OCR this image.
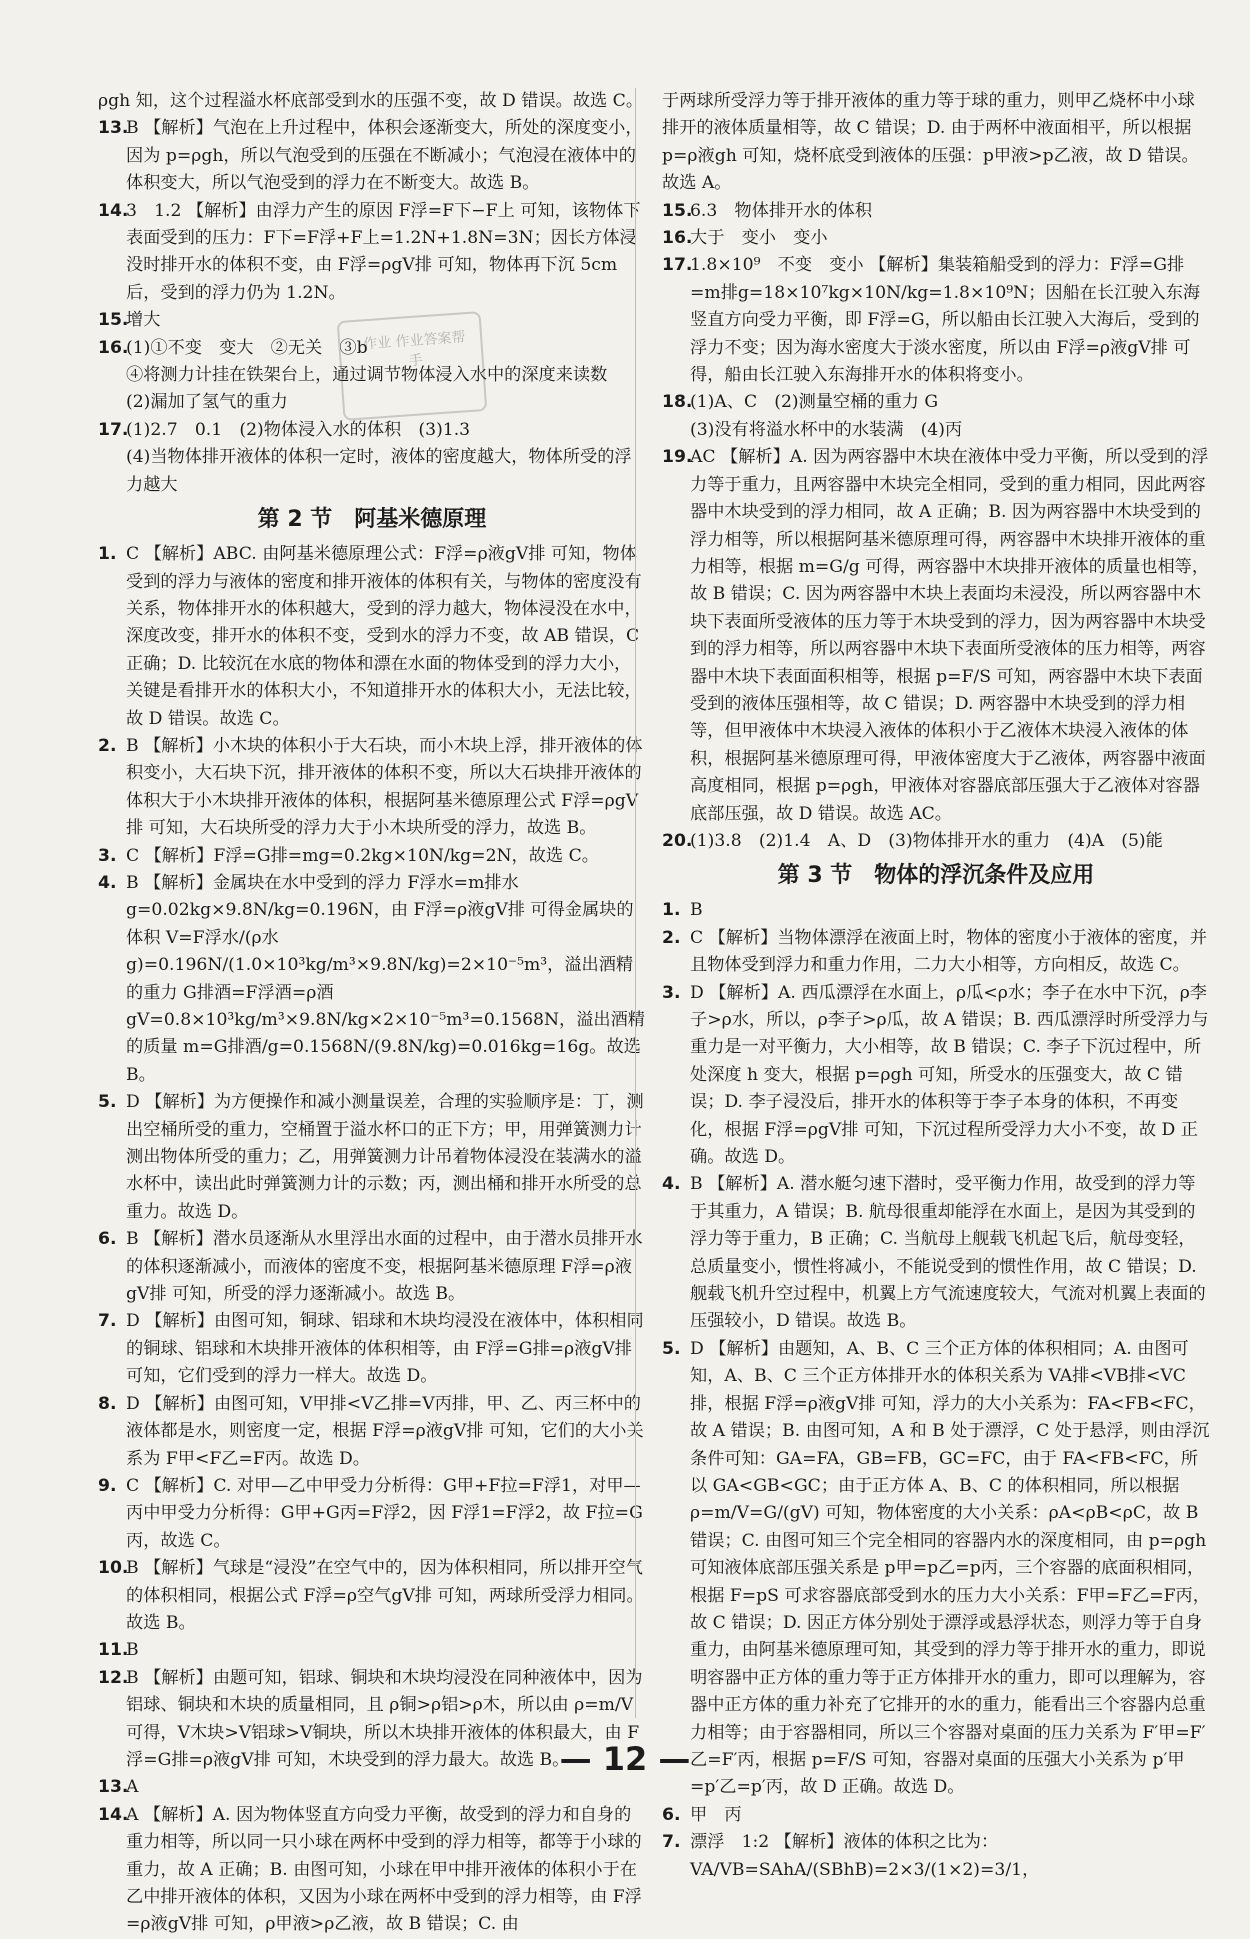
ρgh 知，这个过程溢水杯底部受到水的压强不变，故 D 错误。故选 C。

13.
B 【解析】气泡在上升过程中，体积会逐渐变大，所处的深度变小，因为 p=ρgh，所以气泡受到的压强在不断减小；气泡浸在液体中的体积变大，所以气泡受到的浮力在不断变大。故选 B。
14.
3　1.2 【解析】由浮力产生的原因 F浮=F下−F上 可知，该物体下表面受到的压力：F下=F浮+F上=1.2N+1.8N=3N；因长方体浸没时排开水的体积不变，由 F浮=ρgV排 可知，物体再下沉 5cm 后，受到的浮力仍为 1.2N。
15.
增大
16.
(1)①不变　变大　②无关　③b
④将测力计挂在铁架台上，通过调节物体浸入水中的深度来读数
(2)漏加了氢气的重力
17.
(1)2.7　0.1　(2)物体浸入水的体积　(3)1.3
(4)当物体排开液体的体积一定时，液体的密度越大，物体所受的浮力越大
第 2 节　阿基米德原理
1. C 【解析】ABC. 由阿基米德原理公式：F浮=ρ液gV排 可知，物体受到的浮力与液体的密度和排开液体的体积有关，与物体的密度没有关系，物体排开水的体积越大，受到的浮力越大，物体浸没在水中，深度改变，排开水的体积不变，受到水的浮力不变，故 AB 错误，C 正确；D. 比较沉在水底的物体和漂在水面的物体受到的浮力大小，关键是看排开水的体积大小，不知道排开水的体积大小，无法比较，故 D 错误。故选 C。
2. B 【解析】小木块的体积小于大石块，而小木块上浮，排开液体的体积变小，大石块下沉，排开液体的体积不变，所以大石块排开液体的体积大于小木块排开液体的体积，根据阿基米德原理公式 F浮=ρgV排 可知，大石块所受的浮力大于小木块所受的浮力，故选 B。
3. C 【解析】F浮=G排=mg=0.2kg×10N/kg=2N，故选 C。
4. B 【解析】金属块在水中受到的浮力 F浮水=m排水g=0.02kg×9.8N/kg=0.196N，由 F浮=ρ液gV排 可得金属块的体积 V=F浮水/(ρ水g)=0.196N/(1.0×10³kg/m³×9.8N/kg)=2×10⁻⁵m³，溢出酒精的重力 G排酒=F浮酒=ρ酒gV=0.8×10³kg/m³×9.8N/kg×2×10⁻⁵m³=0.1568N，溢出酒精的质量 m=G排酒/g=0.1568N/(9.8N/kg)=0.016kg=16g。故选 B。
5. D 【解析】为方便操作和减小测量误差，合理的实验顺序是：丁，测出空桶所受的重力，空桶置于溢水杯口的正下方；甲，用弹簧测力计测出物体所受的重力；乙，用弹簧测力计吊着物体浸没在装满水的溢水杯中，读出此时弹簧测力计的示数；丙，测出桶和排开水所受的总重力。故选 D。
6. B 【解析】潜水员逐渐从水里浮出水面的过程中，由于潜水员排开水的体积逐渐减小，而液体的密度不变，根据阿基米德原理 F浮=ρ液gV排 可知，所受的浮力逐渐减小。故选 B。
7. D 【解析】由图可知，铜球、铝球和木块均浸没在液体中，体积相同的铜球、铝球和木块排开液体的体积相等，由 F浮=G排=ρ液gV排 可知，它们受到的浮力一样大。故选 D。
8. D 【解析】由图可知，V甲排<V乙排=V丙排，甲、乙、丙三杯中的液体都是水，则密度一定，根据 F浮=ρ液gV排 可知，它们的大小关系为 F甲<F乙=F丙。故选 D。
9. C 【解析】C. 对甲—乙中甲受力分析得：G甲+F拉=F浮1，对甲—丙中甲受力分析得：G甲+G丙=F浮2，因 F浮1=F浮2，故 F拉=G丙，故选 C。
10.
B 【解析】气球是“浸没”在空气中的，因为体积相同，所以排开空气的体积相同，根据公式 F浮=ρ空气gV排 可知，两球所受浮力相同。故选 B。
11.
B
12.
B 【解析】由题可知，铝球、铜块和木块均浸没在同种液体中，因为铝球、铜块和木块的质量相同，且 ρ铜>ρ铝>ρ木，所以由 ρ=m/V 可得，V木块>V铝球>V铜块，所以木块排开液体的体积最大，由 F浮=G排=ρ液gV排 可知，木块受到的浮力最大。故选 B。
13.
A
14.
A 【解析】A. 因为物体竖直方向受力平衡，故受到的浮力和自身的重力相等，所以同一只小球在两杯中受到的浮力相等，都等于小球的重力，故 A 正确；B. 由图可知，小球在甲中排开液体的体积小于在乙中排开液体的体积，又因为小球在两杯中受到的浮力相等，由 F浮=ρ液gV排 可知，ρ甲液>ρ乙液，故 B 错误；C. 由

于两球所受浮力等于排开液体的重力等于球的重力，则甲乙烧杯中小球排开的液体质量相等，故 C 错误；D. 由于两杯中液面相平，所以根据 p=ρ液gh 可知，烧杯底受到液体的压强：p甲液>p乙液，故 D 错误。故选 A。

15.
6.3　物体排开水的体积
16.
大于　变小　变小
17.
1.8×10⁹　不变　变小 【解析】集装箱船受到的浮力：F浮=G排=m排g=18×10⁷kg×10N/kg=1.8×10⁹N；因船在长江驶入东海竖直方向受力平衡，即 F浮=G，所以船由长江驶入大海后，受到的浮力不变；因为海水密度大于淡水密度，所以由 F浮=ρ液gV排 可得，船由长江驶入东海排开水的体积将变小。
18.
(1)A、C　(2)测量空桶的重力 G
(3)没有将溢水杯中的水装满　(4)丙
19.
AC 【解析】A. 因为两容器中木块在液体中受力平衡，所以受到的浮力等于重力，且两容器中木块完全相同，受到的重力相同，因此两容器中木块受到的浮力相同，故 A 正确；B. 因为两容器中木块受到的浮力相等，所以根据阿基米德原理可得，两容器中木块排开液体的重力相等，根据 m=G/g 可得，两容器中木块排开液体的质量也相等，故 B 错误；C. 因为两容器中木块上表面均未浸没，所以两容器中木块下表面所受液体的压力等于木块受到的浮力，因为两容器中木块受到的浮力相等，所以两容器中木块下表面所受液体的压力相等，两容器中木块下表面面积相等，根据 p=F/S 可知，两容器中木块下表面受到的液体压强相等，故 C 错误；D. 两容器中木块受到的浮力相等，但甲液体中木块浸入液体的体积小于乙液体木块浸入液体的体积，根据阿基米德原理可得，甲液体密度大于乙液体，两容器中液面高度相同，根据 p=ρgh，甲液体对容器底部压强大于乙液体对容器底部压强，故 D 错误。故选 AC。
20.
(1)3.8　(2)1.4　A、D　(3)物体排开水的重力　(4)A　(5)能
第 3 节　物体的浮沉条件及应用
1. B
2. C 【解析】当物体漂浮在液面上时，物体的密度小于液体的密度，并且物体受到浮力和重力作用，二力大小相等，方向相反，故选 C。
3. D 【解析】A. 西瓜漂浮在水面上，ρ瓜<ρ水；李子在水中下沉，ρ李子>ρ水，所以，ρ李子>ρ瓜，故 A 错误；B. 西瓜漂浮时所受浮力与重力是一对平衡力，大小相等，故 B 错误；C. 李子下沉过程中，所处深度 h 变大，根据 p=ρgh 可知，所受水的压强变大，故 C 错误；D. 李子浸没后，排开水的体积等于李子本身的体积，不再变化，根据 F浮=ρgV排 可知，下沉过程所受浮力大小不变，故 D 正确。故选 D。
4. B 【解析】A. 潜水艇匀速下潜时，受平衡力作用，故受到的浮力等于其重力，A 错误；B. 航母很重却能浮在水面上，是因为其受到的浮力等于重力，B 正确；C. 当航母上舰载飞机起飞后，航母变轻，总质量变小，惯性将减小，不能说受到的惯性作用，故 C 错误；D. 舰载飞机升空过程中，机翼上方气流速度较大，气流对机翼上表面的压强较小，D 错误。故选 B。
5. D 【解析】由题知，A、B、C 三个正方体的体积相同；A. 由图可知，A、B、C 三个正方体排开水的体积关系为 VA排<VB排<VC排，根据 F浮=ρ液gV排 可知，浮力的大小关系为：FA<FB<FC，故 A 错误；B. 由图可知，A 和 B 处于漂浮，C 处于悬浮，则由浮沉条件可知：GA=FA，GB=FB，GC=FC，由于 FA<FB<FC，所以 GA<GB<GC；由于正方体 A、B、C 的体积相同，所以根据 ρ=m/V=G/(gV) 可知，物体密度的大小关系：ρA<ρB<ρC，故 B 错误；C. 由图可知三个完全相同的容器内水的深度相同，由 p=ρgh 可知液体底部压强关系是 p甲=p乙=p丙，三个容器的底面积相同，根据 F=pS 可求容器底部受到水的压力大小关系：F甲=F乙=F丙，故 C 错误；D. 因正方体分别处于漂浮或悬浮状态，则浮力等于自身重力，由阿基米德原理可知，其受到的浮力等于排开水的重力，即说明容器中正方体的重力等于正方体排开水的重力，即可以理解为，容器中正方体的重力补充了它排开的水的重力，能看出三个容器内总重力相等；由于容器相同，所以三个容器对桌面的压力关系为 F′甲=F′乙=F′丙，根据 p=F/S 可知，容器对桌面的压强大小关系为 p′甲=p′乙=p′丙，故 D 正确。故选 D。
6. 甲　丙
7. 漂浮　1:2 【解析】液体的体积之比为：VA/VB=SAhA/(SBhB)=2×3/(1×2)=3/1，
作业 作业答案帮手
— 12 —
